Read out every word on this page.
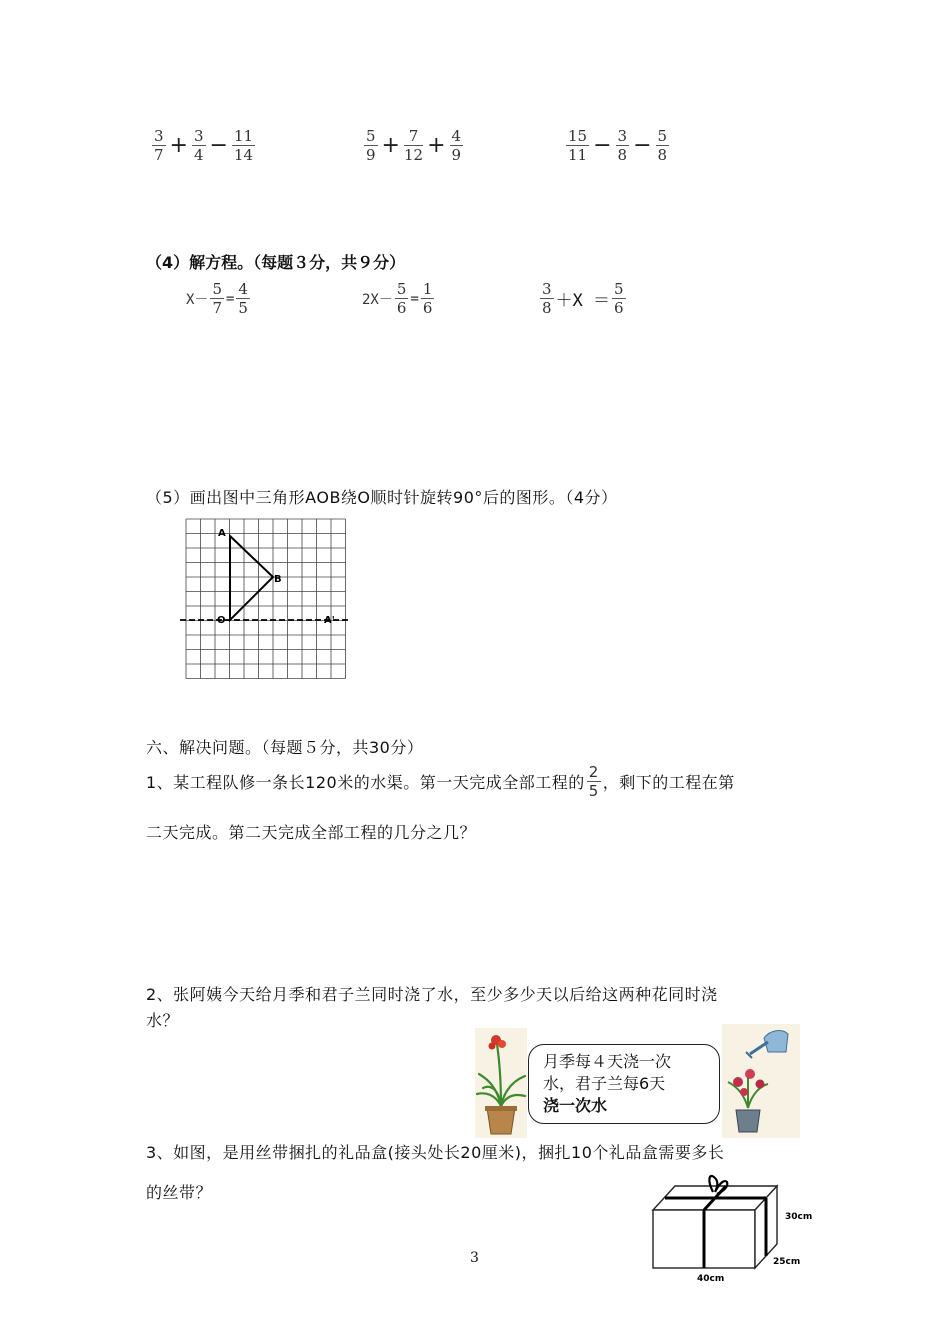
$\frac{3}{7} + \frac{3}{4} - \frac{11}{14}$	$\frac{5}{9} + \frac{7}{12} + \frac{4}{9}$	$\frac{15}{11} - \frac{3}{8} - \frac{5}{8}$
（4）解方程。（每题３分，共９分）
$X- \frac{5}{7} = \frac{4}{5}$	$2X- \frac{5}{6} = \frac{1}{6}$	$\frac{3}{8} +X = \frac{5}{6}$
（5）画出图中三角形AOB绕O顺时针旋转90°后的图形。（4分）
A
B
O	A'
六、解决问题。（每题５分，共30分）
1、某工程队修一条长120米的水渠。第一天完成全部工程的 $\frac{2}{5}$ ，剩下的工程在第
二天完成。第二天完成全部工程的几分之几？
2、张阿姨今天给月季和君子兰同时浇了水，至少多少天以后给这两种花同时浇
水？
月季每４天浇一次
水，君子兰每6天
浇一次水
3、如图，是用丝带捆扎的礼品盒(接头处长20厘米)，捆扎10个礼品盒需要多长
的丝带？
30cm
25cm
40cm
3
